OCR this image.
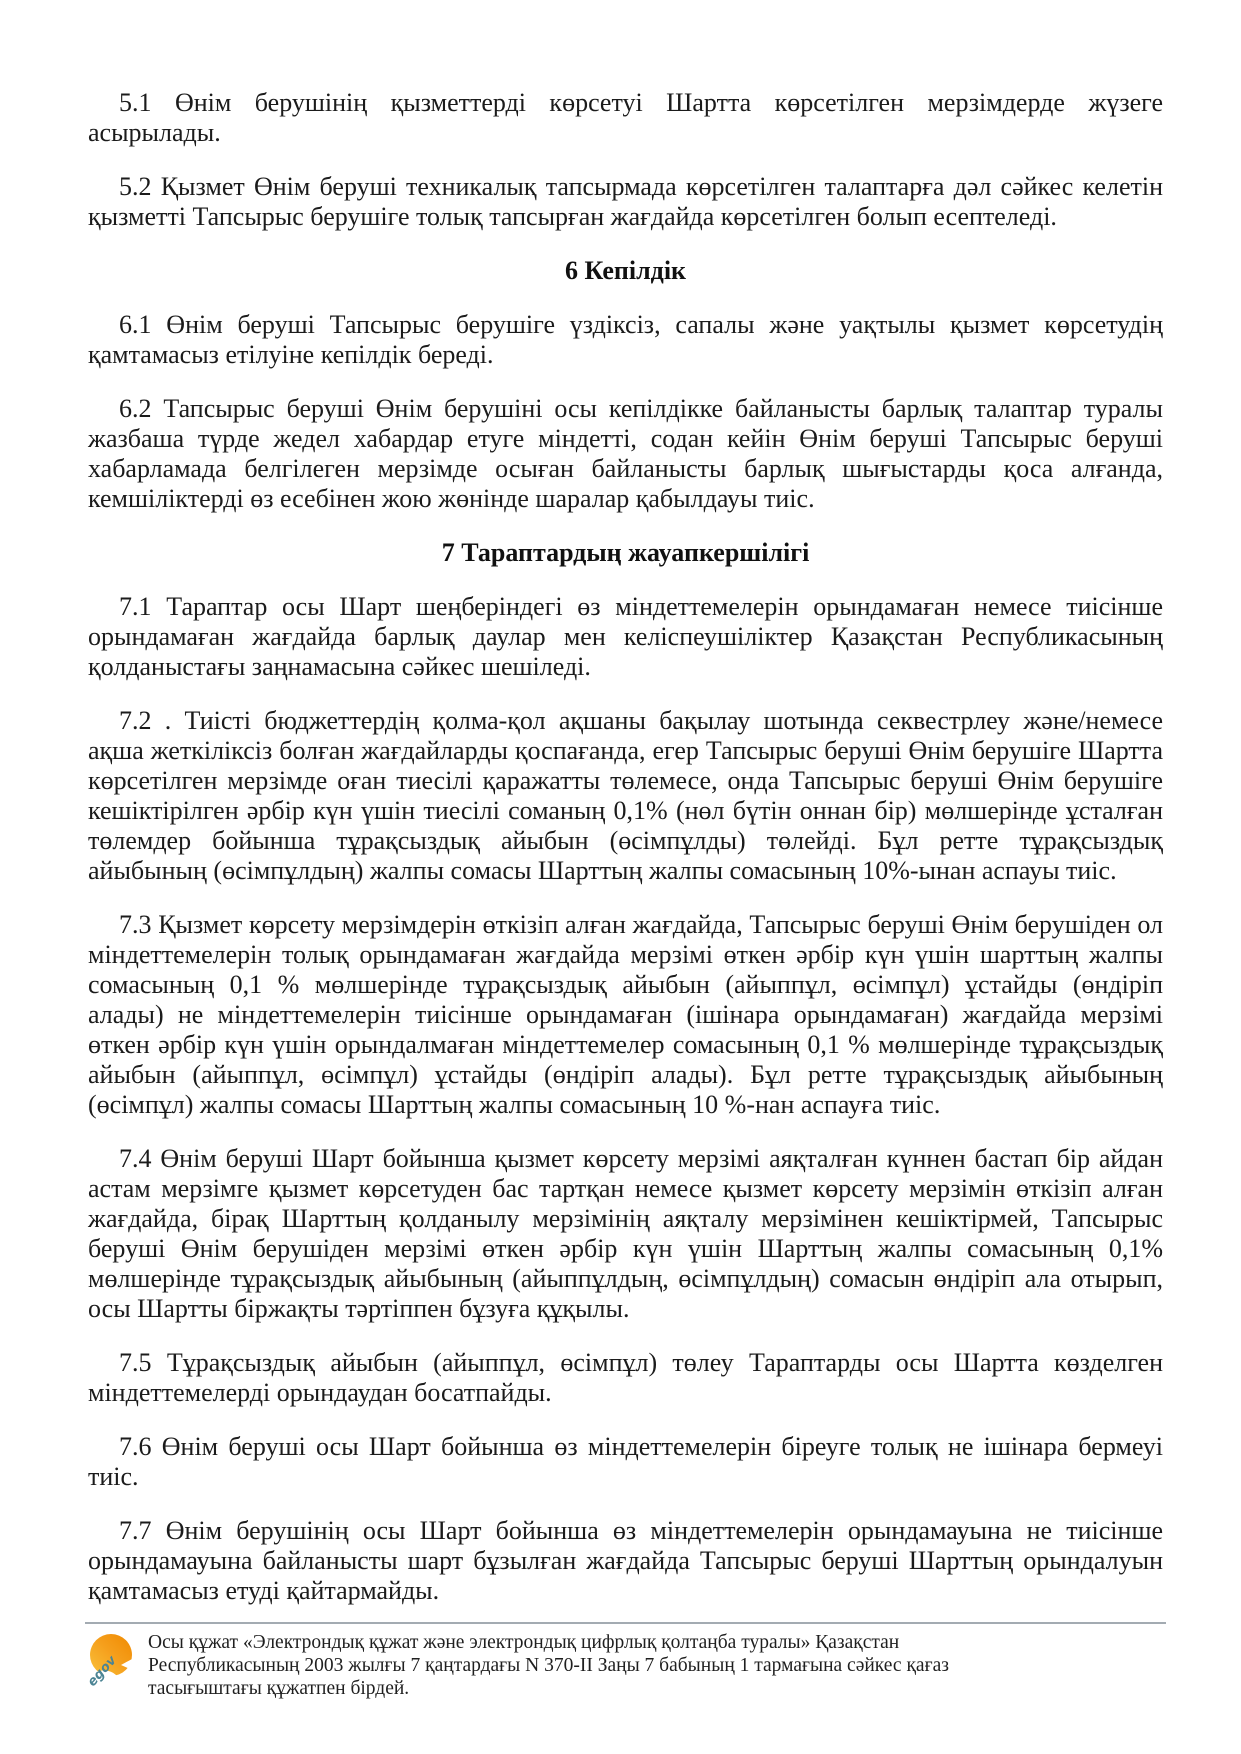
5.1 Өнім берушінің қызметтерді көрсетуі Шартта көрсетілген мерзімдерде жүзеге асырылады.

5.2 Қызмет Өнім беруші техникалық тапсырмада көрсетілген талаптарға дәл сәйкес келетін қызметті Тапсырыс берушіге толық тапсырған жағдайда көрсетілген болып есептеледі.

6 Кепілдік

6.1 Өнім беруші Тапсырыс берушіге үздіксіз, сапалы және уақтылы қызмет көрсетудің қамтамасыз етілуіне кепілдік береді.

6.2 Тапсырыс беруші Өнім берушіні осы кепілдікке байланысты барлық талаптар туралы жазбаша түрде жедел хабардар етуге міндетті, содан кейін Өнім беруші Тапсырыс беруші хабарламада белгілеген мерзімде осыған байланысты барлық шығыстарды қоса алғанда, кемшіліктерді өз есебінен жою жөнінде шаралар қабылдауы тиіс.

7 Тараптардың жауапкершілігі

7.1 Тараптар осы Шарт шеңберіндегі өз міндеттемелерін орындамаған немесе тиісінше орындамаған жағдайда барлық даулар мен келіспеушіліктер Қазақстан Республикасының қолданыстағы заңнамасына сәйкес шешіледі.

7.2 . Тиісті бюджеттердің қолма-қол ақшаны бақылау шотында секвестрлеу және/немесе ақша жеткіліксіз болған жағдайларды қоспағанда, егер Тапсырыс беруші Өнім берушіге Шартта көрсетілген мерзімде оған тиесілі қаражатты төлемесе, онда Тапсырыс беруші Өнім берушіге кешіктірілген әрбір күн үшін тиесілі соманың 0,1% (нөл бүтін оннан бір) мөлшерінде ұсталған төлемдер бойынша тұрақсыздық айыбын (өсімпұлды) төлейді. Бұл ретте тұрақсыздық айыбының (өсімпұлдың) жалпы сомасы Шарттың жалпы сомасының 10%-ынан аспауы тиіс.

7.3 Қызмет көрсету мерзімдерін өткізіп алған жағдайда, Тапсырыс беруші Өнім берушіден ол міндеттемелерін толық орындамаған жағдайда мерзімі өткен әрбір күн үшін шарттың жалпы сомасының 0,1 % мөлшерінде тұрақсыздық айыбын (айыппұл, өсімпұл) ұстайды (өндіріп алады) не міндеттемелерін тиісінше орындамаған (ішінара орындамаған) жағдайда мерзімі өткен әрбір күн үшін орындалмаған міндеттемелер сомасының 0,1 % мөлшерінде тұрақсыздық айыбын (айыппұл, өсімпұл) ұстайды (өндіріп алады). Бұл ретте тұрақсыздық айыбының (өсімпұл) жалпы сомасы Шарттың жалпы сомасының 10 %-нан аспауға тиіс.

7.4 Өнім беруші Шарт бойынша қызмет көрсету мерзімі аяқталған күннен бастап бір айдан астам мерзімге қызмет көрсетуден бас тартқан немесе қызмет көрсету мерзімін өткізіп алған жағдайда, бірақ Шарттың қолданылу мерзімінің аяқталу мерзімінен кешіктірмей, Тапсырыс беруші Өнім берушіден мерзімі өткен әрбір күн үшін Шарттың жалпы сомасының 0,1% мөлшерінде тұрақсыздық айыбының (айыппұлдың, өсімпұлдың) сомасын өндіріп ала отырып, осы Шартты біржақты тәртіппен бұзуға құқылы.

7.5 Тұрақсыздық айыбын (айыппұл, өсімпұл) төлеу Тараптарды осы Шартта көзделген міндеттемелерді орындаудан босатпайды.

7.6 Өнім беруші осы Шарт бойынша өз міндеттемелерін біреуге толық не ішінара бермеуі тиіс.

7.7 Өнім берушінің осы Шарт бойынша өз міндеттемелерін орындамауына не тиісінше орындамауына байланысты шарт бұзылған жағдайда Тапсырыс беруші Шарттың орындалуын қамтамасыз етуді қайтармайды.

egov

Осы құжат «Электрондық құжат және электрондық цифрлық қолтаңба туралы» Қазақстан Республикасының 2003 жылғы 7 қаңтардағы N 370-II Заңы 7 бабының 1 тармағына сәйкес қағаз тасығыштағы құжатпен бірдей.
